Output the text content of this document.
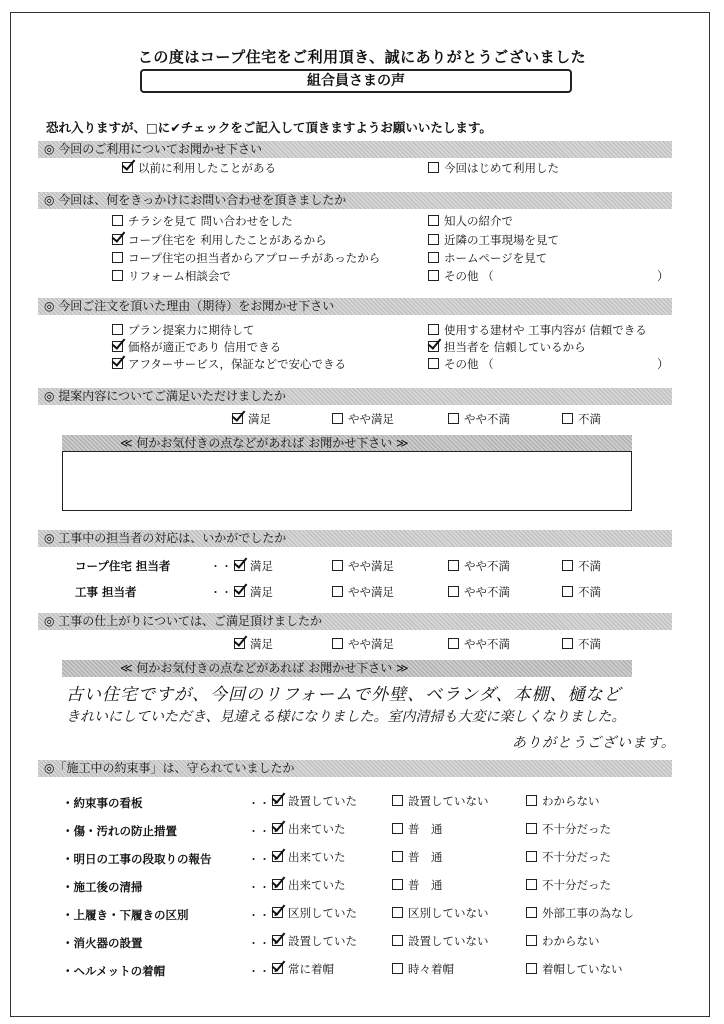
この度はコープ住宅をご利用頂き、誠にありがとうございました
組合員さまの声
恐れ入りますが、□に✔チェックをご記入して頂きますようお願いいたします。
◎ 今回のご利用についてお聞かせ下さい
以前に利用したことがある	今回はじめて利用した
◎ 今回は、何をきっかけにお問い合わせを頂きましたか
チラシを見て 問い合わせをした	知人の紹介で
コープ住宅を 利用したことがあるから	近隣の工事現場を見て
コープ住宅の担当者からアプローチがあったから	ホームページを見て
リフォーム相談会で	その他 （	）
◎ 今回ご注文を頂いた理由（期待）をお聞かせ下さい
プラン提案力に期待して	使用する建材や 工事内容が 信頼できる
価格が適正であり 信用できる	担当者を 信頼しているから
アフターサービス，保証などで安心できる	その他 （	）
◎ 提案内容についてご満足いただけましたか
満足	やや満足	やや不満	不満
≪ 何かお気付きの点などがあれば お聞かせ下さい ≫
◎ 工事中の担当者の対応は、いかがでしたか
コープ住宅 担当者	・・・ 満足	やや満足	やや不満	不満
工事 担当者	・・・ 満足	やや満足	やや不満	不満
◎ 工事の仕上がりについては、ご満足頂けましたか
満足	やや満足	やや不満	不満
≪ 何かお気付きの点などがあれば お聞かせ下さい ≫
古い住宅ですが、今回のリフォームで外壁、ベランダ、本棚、樋など
きれいにしていただき、見違える様になりました。室内清掃も大変に楽しくなりました。
ありがとうございます。
◎「施工中の約束事」は、守られていましたか
・約束事の看板	・・・ 設置していた	設置していない	わからない
・傷・汚れの防止措置	・・・ 出来ていた	普　通	不十分だった
・明日の工事の段取りの報告	・・・ 出来ていた	普　通	不十分だった
・施工後の清掃	・・・ 出来ていた	普　通	不十分だった
・上履き・下履きの区別	・・・ 区別していた	区別していない	外部工事の為なし
・消火器の設置	・・・ 設置していた	設置していない	わからない
・ヘルメットの着帽	・・・ 常に着帽	時々着帽	着帽していない
